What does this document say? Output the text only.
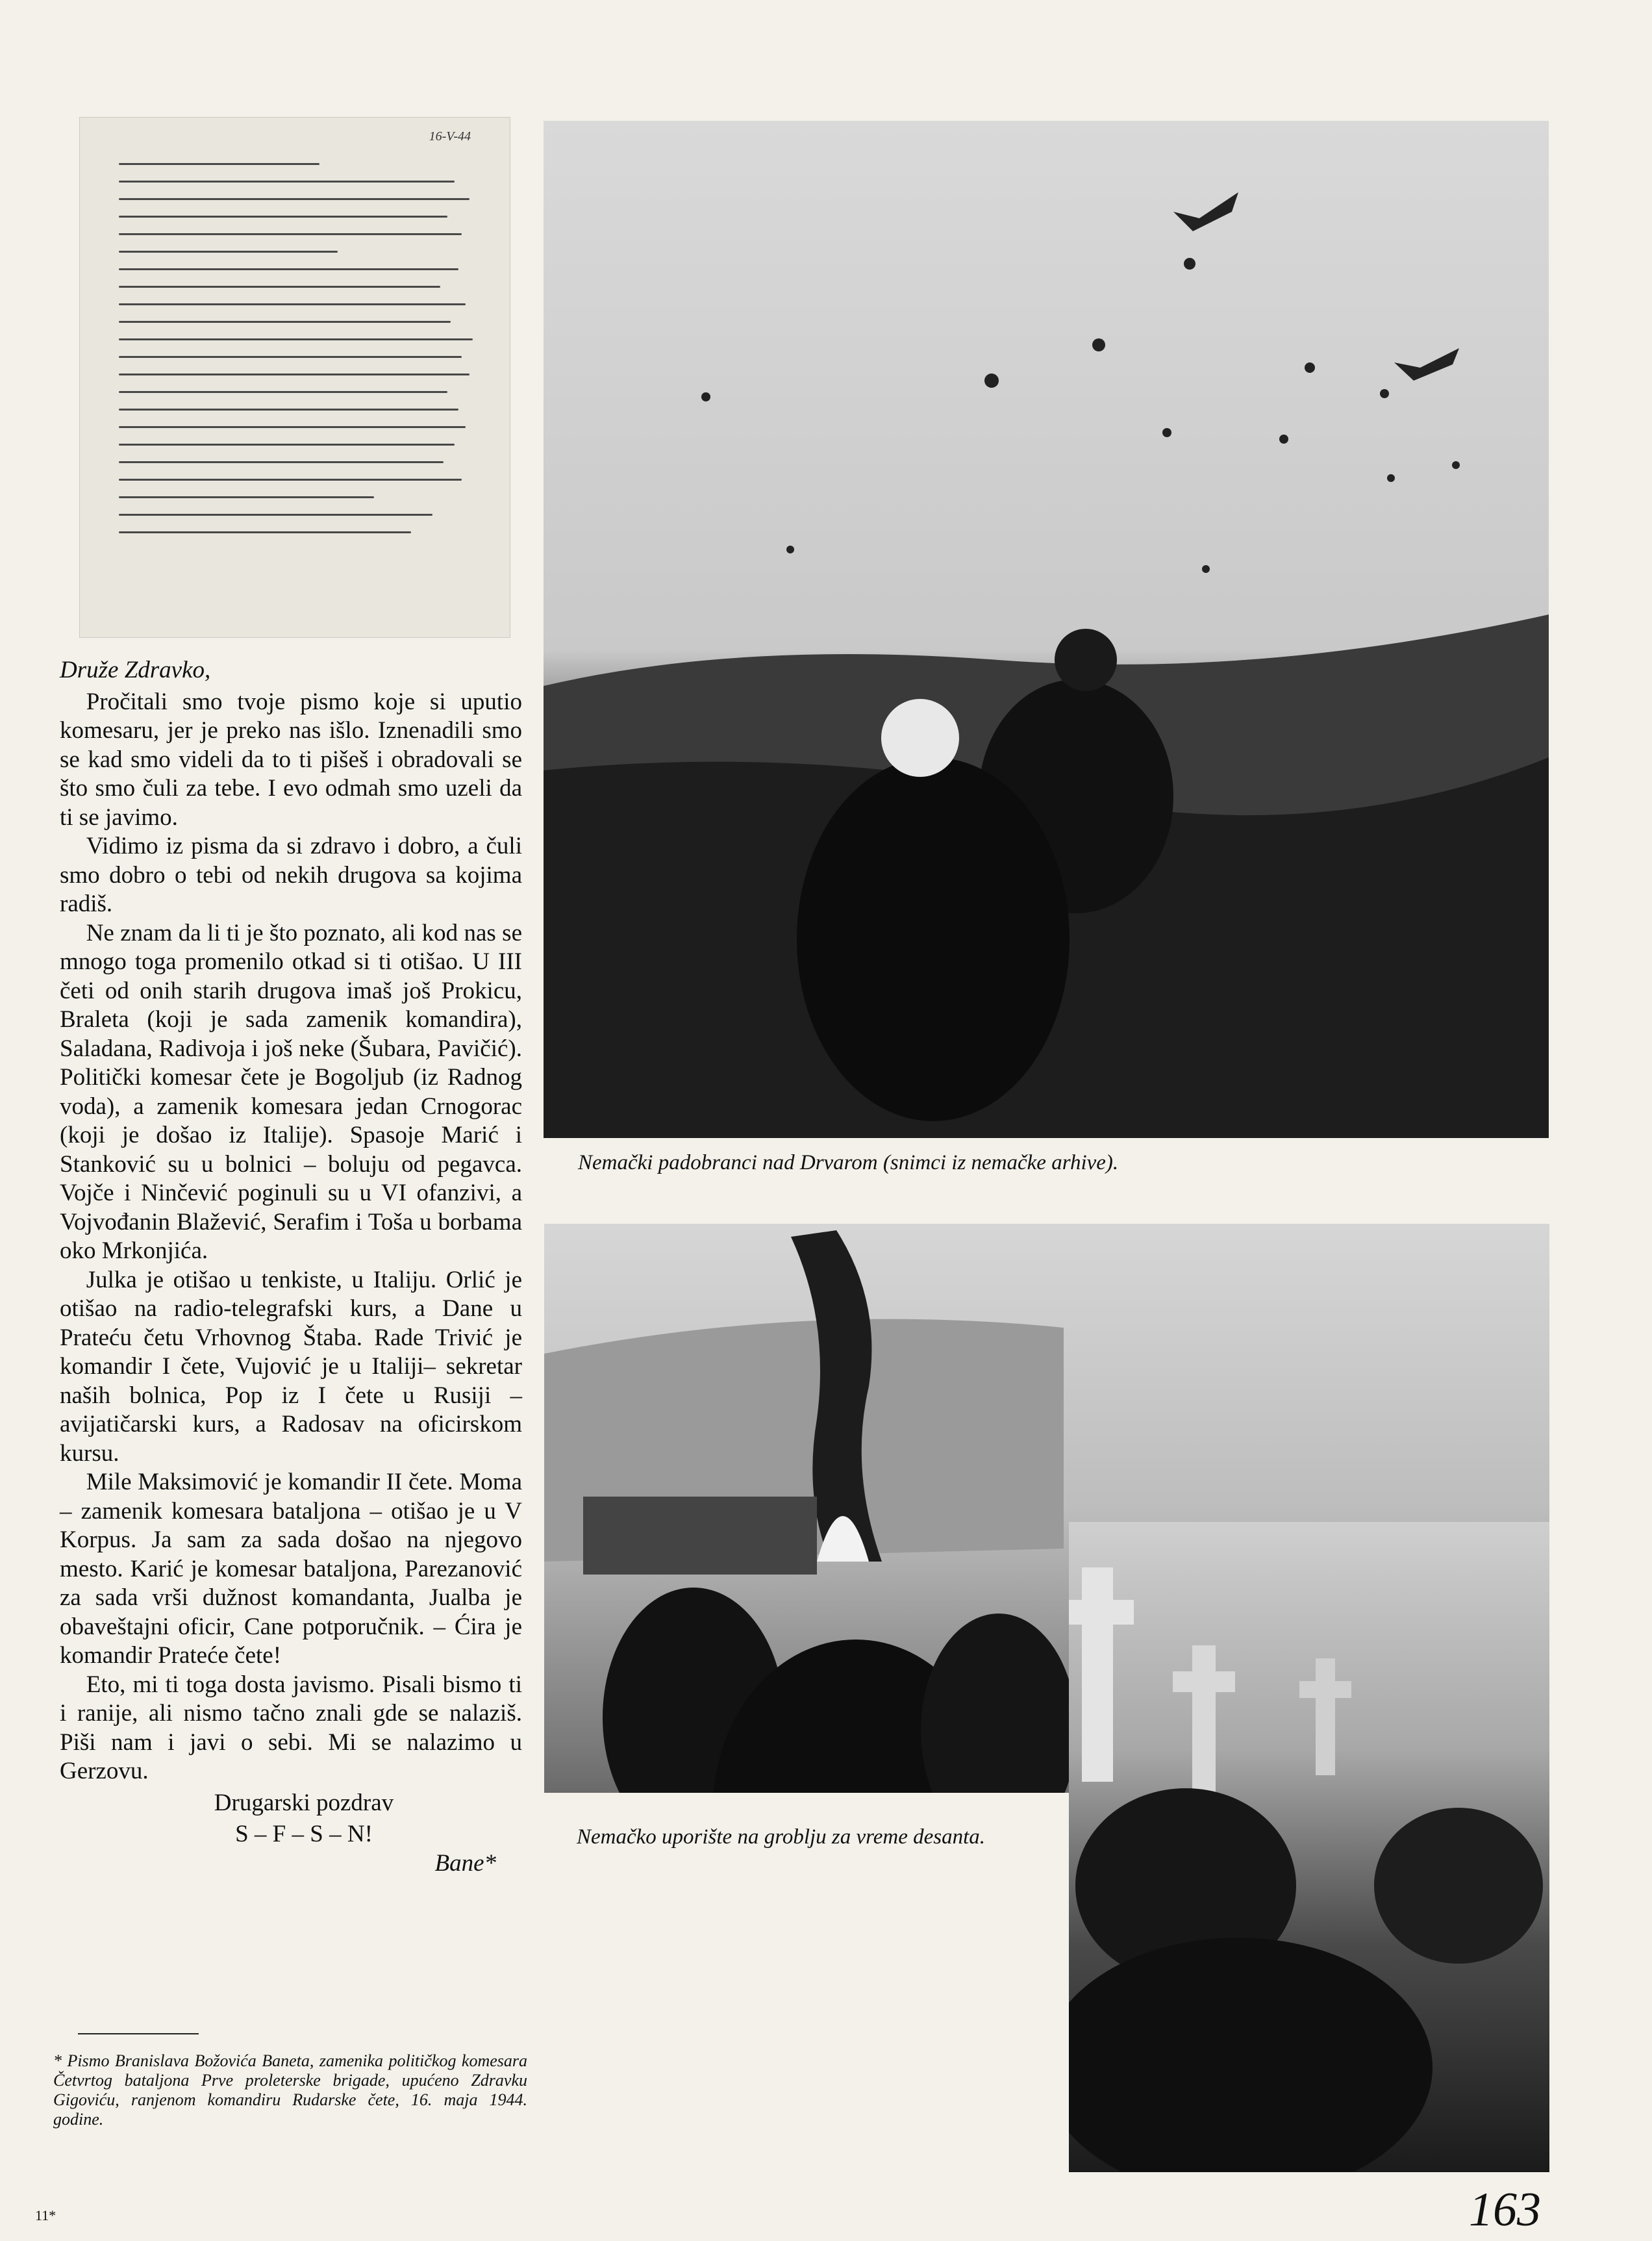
16-V-44
Druže Zdravko,

Pročitali smo tvoje pismo koje si uputio komesaru, jer je preko nas išlo. Iznenadili smo se kad smo videli da to ti pišeš i obradovali se što smo čuli za tebe. I evo odmah smo uzeli da ti se javimo.

Vidimo iz pisma da si zdravo i dobro, a čuli smo dobro o tebi od nekih drugova sa kojima radiš.

Ne znam da li ti je što poznato, ali kod nas se mnogo toga promenilo otkad si ti otišao. U III četi od onih starih drugova imaš još Prokicu, Braleta (koji je sada zamenik komandira), Saladana, Radivoja i još neke (Šubara, Pavičić). Politički komesar čete je Bogoljub (iz Radnog voda), a zamenik komesara jedan Crnogorac (koji je došao iz Italije). Spasoje Marić i Stanković su u bolnici – boluju od pegavca. Vojče i Ninčević poginuli su u VI ofanzivi, a Vojvođanin Blažević, Serafim i Toša u borbama oko Mrkonjića.

Julka je otišao u tenkiste, u Italiju. Orlić je otišao na radio-telegrafski kurs, a Dane u Prateću četu Vrhovnog Štaba. Rade Trivić je komandir I čete, Vujović je u Italiji– sekretar naših bolnica, Pop iz I čete u Rusiji – avijatičarski kurs, a Radosav na oficirskom kursu.

Mile Maksimović je komandir II čete. Moma – zamenik komesara bataljona – otišao je u V Korpus. Ja sam za sada došao na njegovo mesto. Karić je komesar bataljona, Parezanović za sada vrši dužnost komandanta, Jualba je obaveštajni oficir, Cane potporučnik. – Ćira je komandir Prateće čete!

Eto, mi ti toga dosta javismo. Pisali bismo ti i ranije, ali nismo tačno znali gde se nalaziš. Piši nam i javi o sebi. Mi se nalazimo u Gerzovu.

Drugarski pozdrav
S – F – S – N!
Bane*
* Pismo Branislava Božovića Baneta, zamenika političkog komesara Četvrtog bataljona Prve proleterske brigade, upućeno Zdravku Gigoviću, ranjenom komandiru Rudarske čete, 16. maja 1944. godine.
11*	163
Nemački padobranci nad Drvarom (snimci iz nemačke arhive).
Nemačko uporište na groblju za vreme desanta.
